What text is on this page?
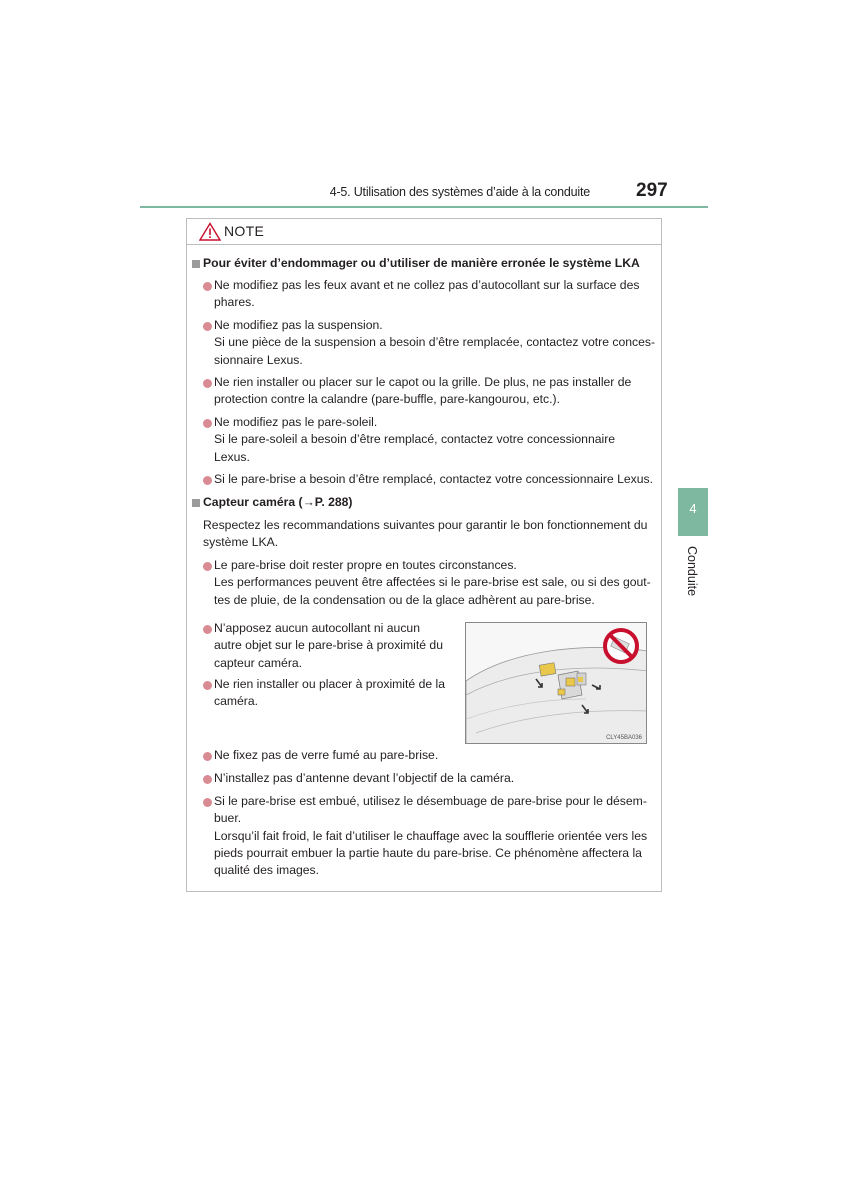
4-5. Utilisation des systèmes d’aide à la conduite 297
4
Conduite
NOTE
Pour éviter d’endommager ou d’utiliser de manière erronée le système LKA
Ne modifiez pas les feux avant et ne collez pas d’autocollant sur la surface des
phares.
Ne modifiez pas la suspension.
Si une pièce de la suspension a besoin d’être remplacée, contactez votre conces-
sionnaire Lexus.
Ne rien installer ou placer sur le capot ou la grille. De plus, ne pas installer de
protection contre la calandre (pare-buffle, pare-kangourou, etc.).
Ne modifiez pas le pare-soleil.
Si le pare-soleil a besoin d’être remplacé, contactez votre concessionnaire
Lexus.
Si le pare-brise a besoin d’être remplacé, contactez votre concessionnaire Lexus.
Capteur caméra (→P. 288)
Respectez les recommandations suivantes pour garantir le bon fonctionnement du
système LKA.
Le pare-brise doit rester propre en toutes circonstances.
Les performances peuvent être affectées si le pare-brise est sale, ou si des gout-
tes de pluie, de la condensation ou de la glace adhèrent au pare-brise.
N’apposez aucun autocollant ni aucun
autre objet sur le pare-brise à proximité du
capteur caméra.
Ne rien installer ou placer à proximité de la
caméra.
CLY45BA036
Ne fixez pas de verre fumé au pare-brise.
N’installez pas d’antenne devant l’objectif de la caméra.
Si le pare-brise est embué, utilisez le désembuage de pare-brise pour le désem-
buer.
Lorsqu’il fait froid, le fait d’utiliser le chauffage avec la soufflerie orientée vers les
pieds pourrait embuer la partie haute du pare-brise. Ce phénomène affectera la
qualité des images.
